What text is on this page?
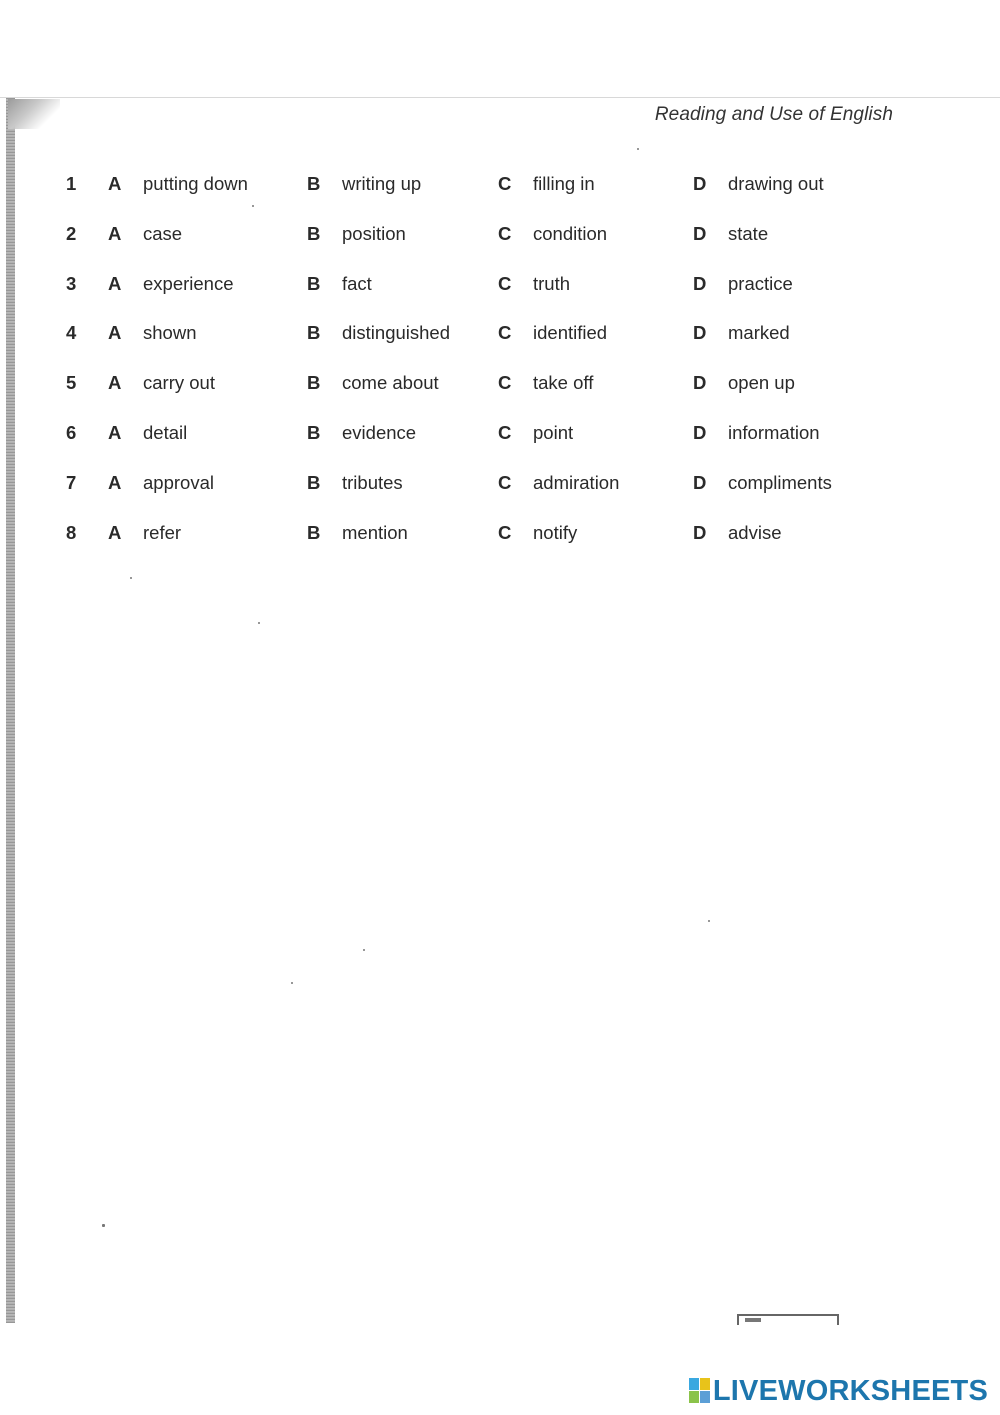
Reading and Use of English
1 A putting down	B writing up	C filling in	D drawing out
2 A case	B position	C condition	D state
3 A experience	B fact	C truth	D practice
4 A shown	B distinguished	C identified	D marked
5 A carry out	B come about	C take off	D open up
6 A detail	B evidence	C point	D information
7 A approval	B tributes	C admiration	D compliments
8 A refer	B mention	C notify	D advise
LIVEWORKSHEETS
